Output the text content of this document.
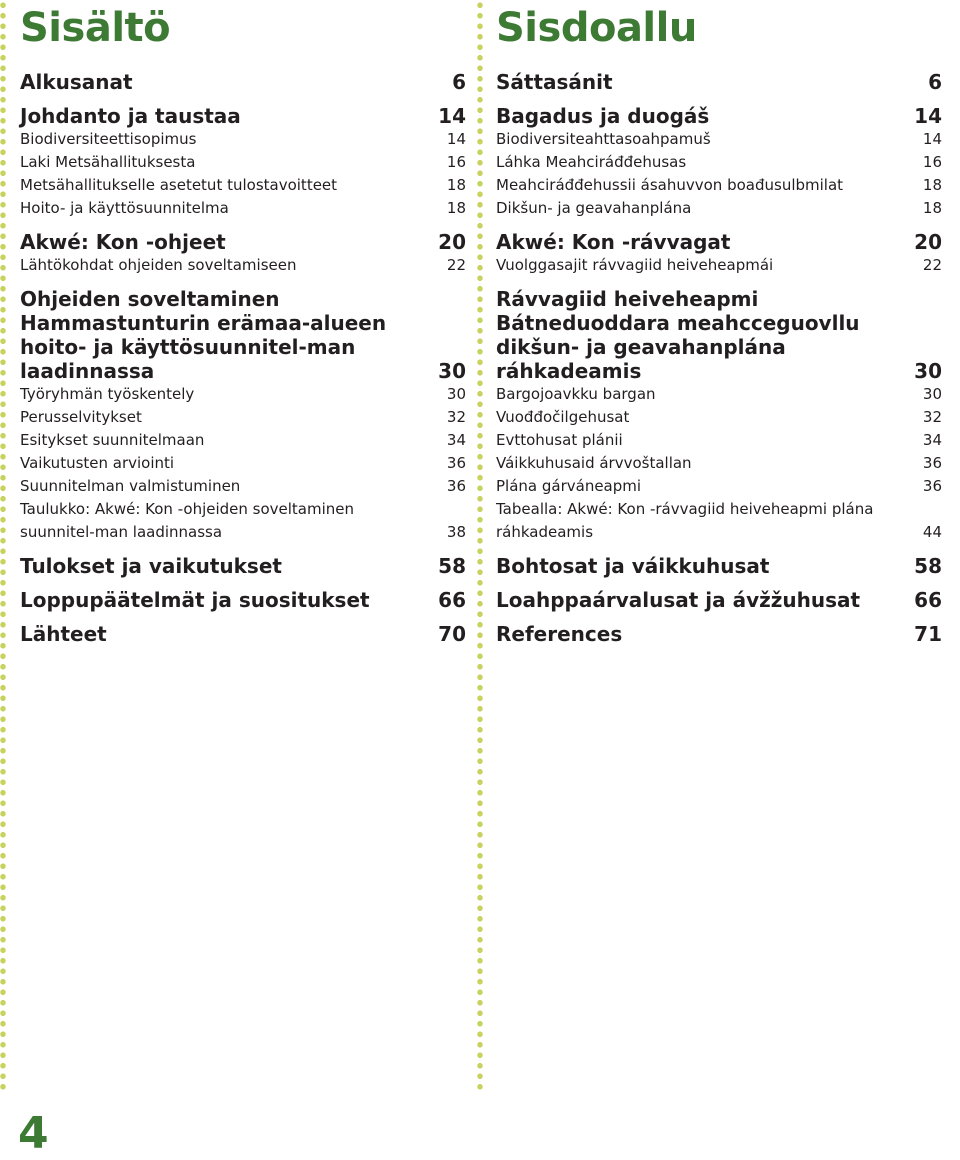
Sisältö
Alkusanat	6
Johdanto ja taustaa	14
Biodiversiteettisopimus	14
Laki Metsähallituksesta	16
Metsähallitukselle asetetut tulostavoitteet	18
Hoito- ja käyttösuunnitelma	18
Akwé: Kon -ohjeet	20
Lähtökohdat ohjeiden soveltamiseen	22
Ohjeiden soveltaminen Hammastunturin erämaa-alueen hoito- ja käyttösuunnitel-man laadinnassa	30
Työryhmän työskentely	30
Perusselvitykset	32
Esitykset suunnitelmaan	34
Vaikutusten arviointi	36
Suunnitelman valmistuminen	36
Taulukko: Akwé: Kon -ohjeiden soveltaminen suunnitel-man laadinnassa	38
Tulokset ja vaikutukset	58
Loppupäätelmät ja suositukset	66
Lähteet	70
Sisdoallu
Sáttasánit	6
Bagadus ja duogáš	14
Biodiversiteahttasoahpamuš	14
Láhka Meahciráđđehusas	16
Meahciráđđehussii ásahuvvon boađusulbmilat	18
Dikšun- ja geavahanplána	18
Akwé: Kon -rávvagat	20
Vuolggasajit rávvagiid heiveheapmái	22
Rávvagiid heiveheapmi Bátneduoddara meahcceguovllu dikšun- ja geavahanplána ráhkadeamis	30
Bargojoavkku bargan	30
Vuođđočilgehusat	32
Evttohusat plánii	34
Váikkuhusaid árvvoštallan	36
Plána gárváneapmi	36
Tabealla: Akwé: Kon -rávvagiid heiveheapmi plána ráhkadeamis	44
Bohtosat ja váikkuhusat	58
Loahppaárvalusat ja ávžžuhusat	66
References	71
4
